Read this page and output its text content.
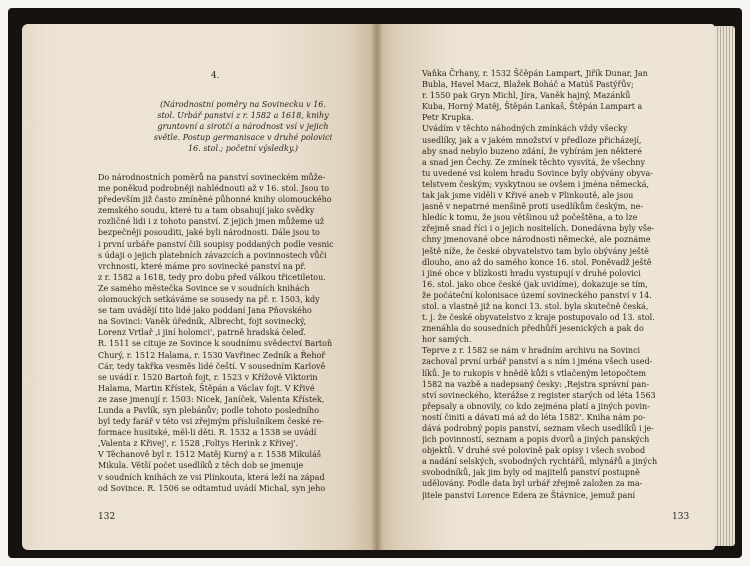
4.

(Národnostní poměry na Sovinecku v 16.
stol. Urbář panství z r. 1582 a 1618, knihy
gruntovní a sirotčí a národnost vsí v jejich
světle. Postup germanisace v druhé polovici
16. stol.; početní výsledky.)

Do národnostních poměrů na panství sovineckém může-
me poněkud podrobněji nahlédnouti až v 16. stol. Jsou to
především již často zmíněné půhonné knihy olomouckého
zemského soudu, které tu a tam obsahují jako svědky
rozličné lidi i z tohoto panství. Z jejich jmen můžeme už
bezpečněji posouditi, jaké byli národnosti. Dále jsou to
i první urbáře panství čili soupisy poddaných podle vesnic
s údaji o jejich platebních závazcích a povinnostech vůči
vrchnosti, které máme pro sovinecké panství na př.
z r. 1582 a 1618, tedy pro dobu před válkou třicetiletou.
Ze samého městečka Sovince se v soudních knihách
olomouckých setkáváme se sousedy na př. r. 1503, kdy
se tam uvádějí tito lidé jako poddaní Jana Pňovského
na Sovinci: Vaněk úředník, Albrecht, fojt sovinecký,
Lorenz Vrtlař ,i jiní holomci', patrně hradská čeleď.
R. 1511 se cituje ze Sovince k soudnímu svědectví Bartoň
Churý, r. 1512 Halama, r. 1530 Vavřinec Zedník a Řehoř
Cár, tedy takřka vesměs lidé čeští. V sousedním Karlově
se uvádí r. 1520 Bartoň fojt, r. 1523 v Křížově Viktorin
Halama, Martin Křístek, Štěpán a Václav fojt. V Křivé
ze zase jmenují r. 1503: Nicek, Janíček, Valenta Křístek,
Lunda a Pavlík, syn plebánův; podle tohoto posledního
byl tedy farář v této vsi zřejmým příslušníkem české re-
formace husitské, měl-li děti. R. 1532 a 1538 se uvádí
,Valenta z Křivej', r. 1528 ,Foltys Herink z Křivej'.
V Těchanově byl r. 1512 Matěj Kurný a r. 1538 Mikuláš
Mikula. Větší počet usedlíků z těch dob se jmenuje
v soudních knihách ze vsi Plinkouta, která leží na západ
od Sovince. R. 1506 se odtamtud uvádí Michal, syn jeho

132

Vaňka Črhany, r. 1532 Ščěpán Lampart, Jiřík Dunar, Jan
Bubla, Havel Macz, Blažek Boháč a Matúš Pastýřův;
r. 1550 pak Gryn Michl, Jíra, Vaněk hajný, Mazánků
Kuba, Horný Matěj, Štěpán Lankaš, Štěpán Lampart a
Petr Krupka.
Uvádím v těchto náhodných zmínkách vždy všecky
usedlíky, jak a v jakém množství v předloze přicházejí,
aby snad nebylo buzeno zdání, že vybírám jen některé
a snad jen Čechy. Ze zmínek těchto vysvítá, že všechny
tu uvedené vsi kolem hradu Sovince byly obývány obyva-
telstvem českým; vyskytnou se ovšem i jména německá,
tak jak jsme viděli v Křivé aneb v Plinkoutě, ale jsou
jasně v nepatrné menšině proti usedlíkům českým, ne-
hledíc k tomu, že jsou většinou už počeštěna, a to lze
zřejmě snad říci i o jejich nositelích. Donedávna byly vše-
chny jmenované obce národnosti německé, ale poznáme
ještě níže, že české obyvatelstvo tam bylo obývány ještě
dlouho, ano až do samého konce 16. stol. Poněvadž ještě
i jiné obce v blízkosti hradu vystupují v druhé polovici
16. stol. jako obce české (jak uvidíme), dokazuje se tím,
že počáteční kolonisace území sovineckého panství v 14.
stol. a vlastně již na konci 13. stol. byla skutečně česká,
t. j. že české obyvatelstvo z kraje postupovalo od 13. stol.
znenáhla do sousedních předhůří jesenických a pak do
hor samých.
Teprve z r. 1582 se nám v hradním archivu na Sovinci
zachoval první urbář panství a s ním i jména všech used-
líků. Je to rukopis v hnědě kůži s vtlačeným letopočtem
1582 na vazbě a nadepsaný česky: ,Rejstra správní pan-
ství sovineckého, kterážse z register starých od léta 1563
přepsaly a obnovily, co kdo zejména platí a jiných povin-
ností činiti a dávati má až do léta 1582'. Kniha nám po-
dává podrobný popis panství, seznam všech usedlíků i je-
jich povinností, seznam a popis dvorů a jiných panských
objektů. V druhé své polovině pak opisy i všech svobod
a nadání selských, svobodných rychtářů, mlynářů a jiných
svobodníků, jak jim byly od majitelů panství postupně
udělovány. Podle data byl urbář zřejmě založen za ma-
jitele panství Lorence Edera ze Štávnice, jemuž paní

133
